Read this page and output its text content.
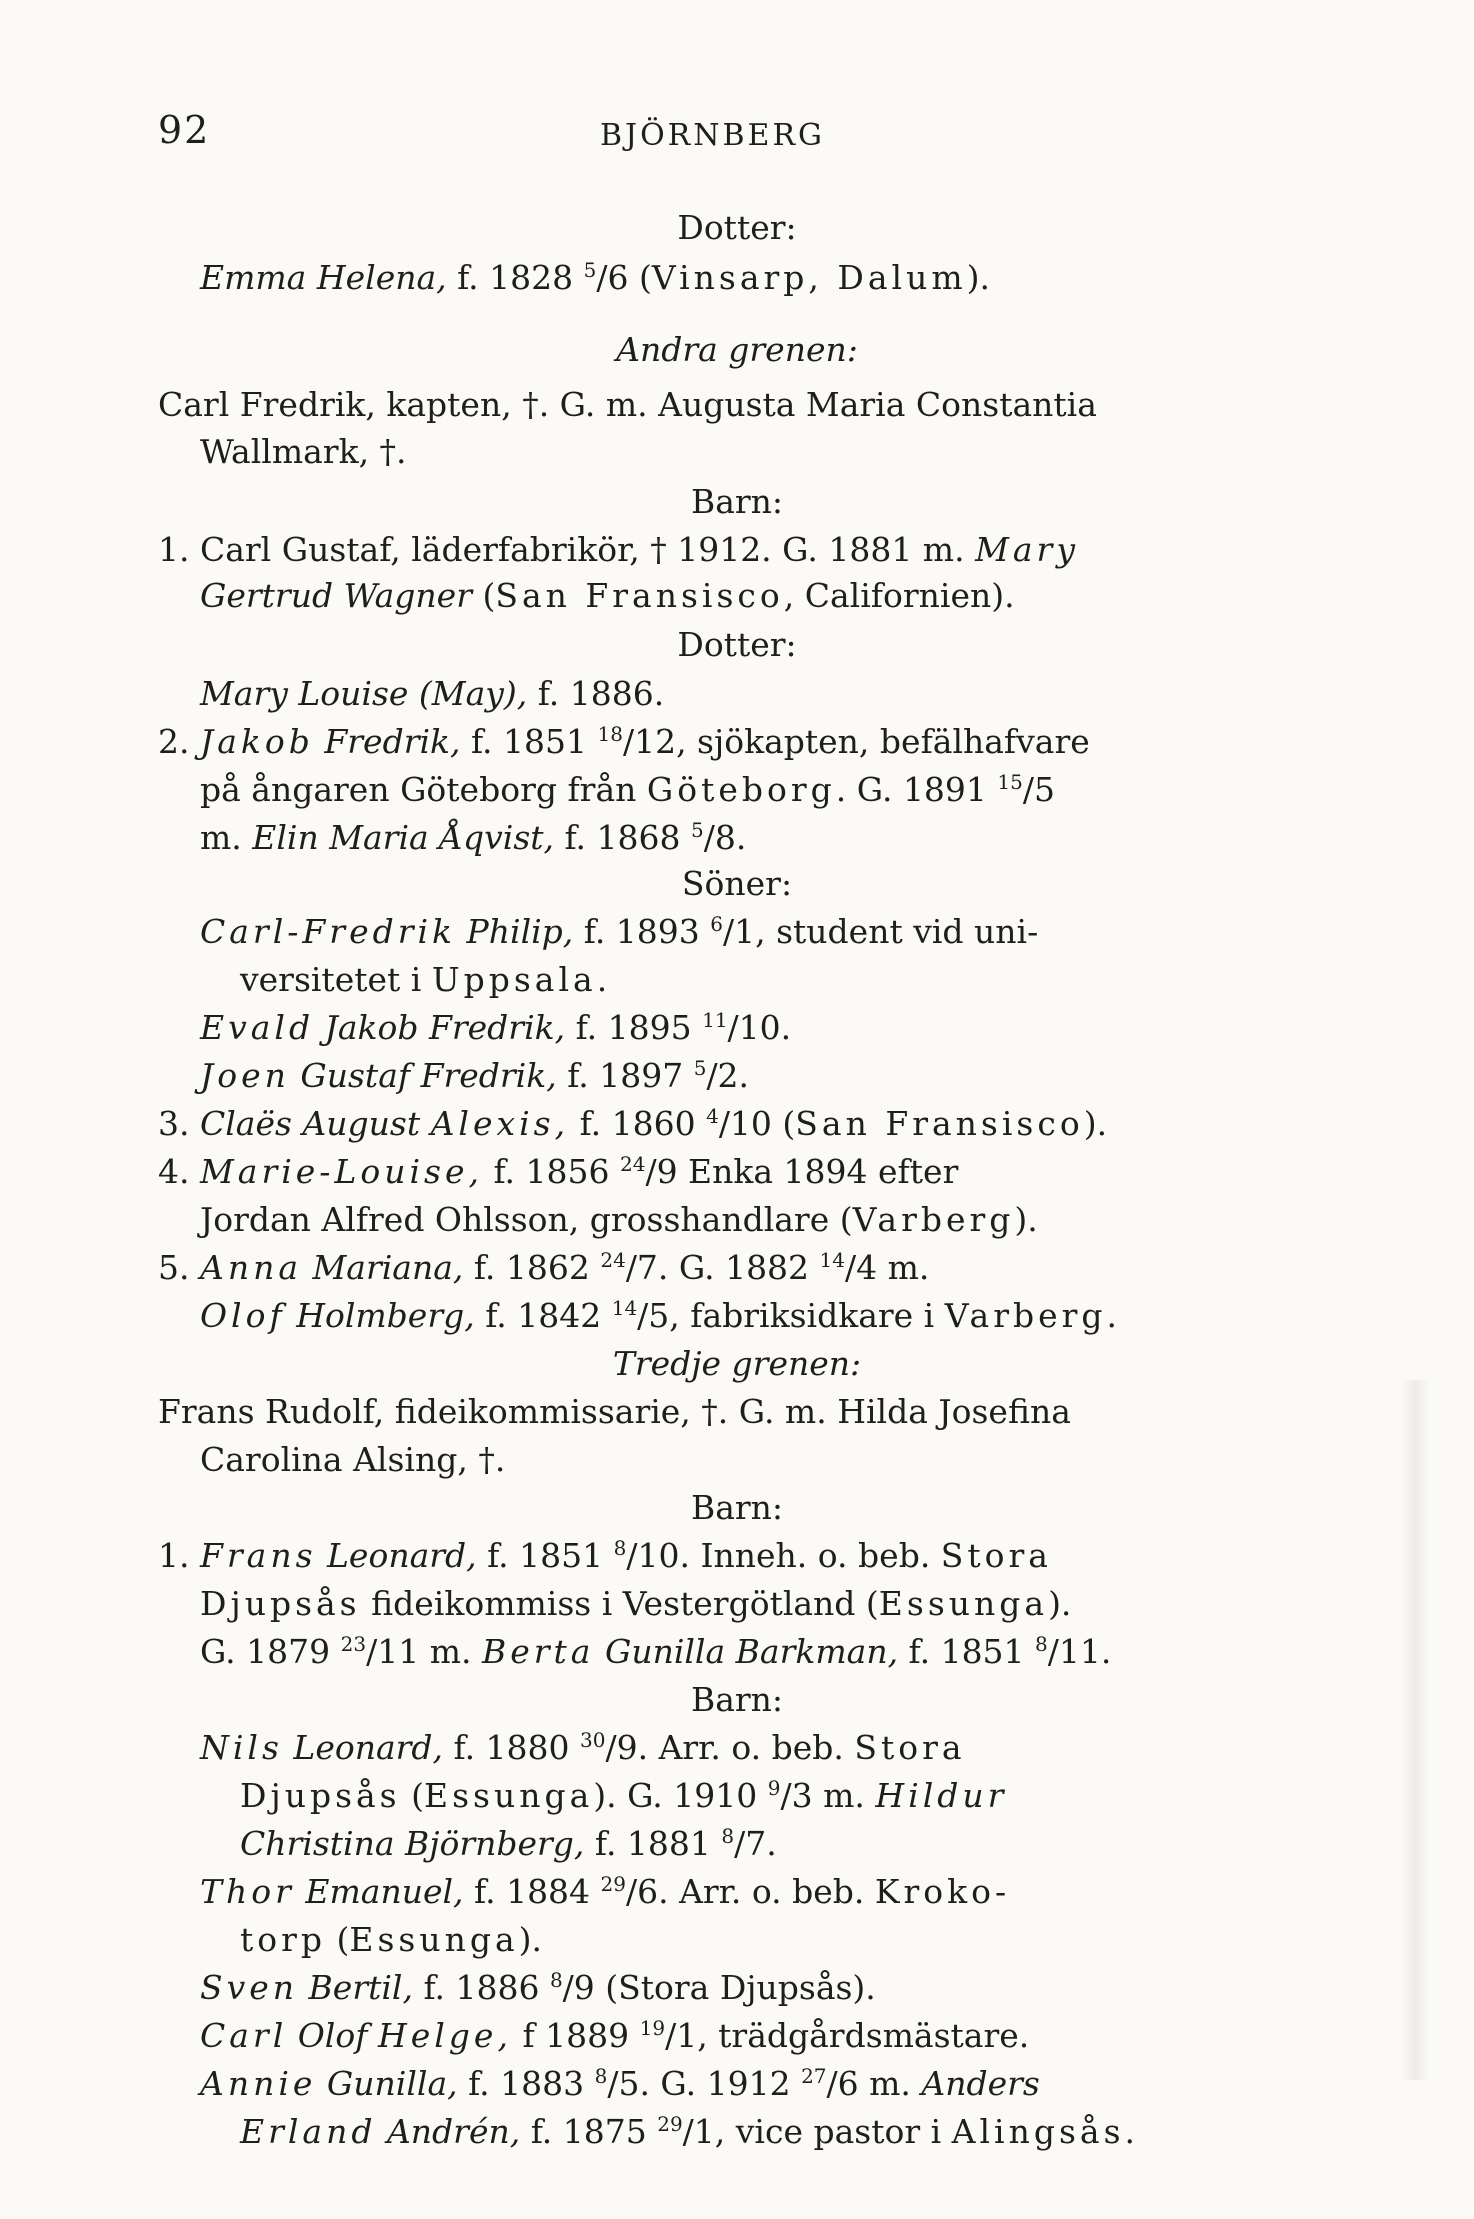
92	BJÖRNBERG
Dotter:
Emma Helena, f. 1828 $^5$/6 (Vinsarp, Dalum).
Andra grenen:
Carl Fredrik, kapten, †. G. m. Augusta Maria Constantia
Wallmark, †.
Barn:
1. Carl Gustaf, läderfabrikör, † 1912. G. 1881 m. Mary
Gertrud Wagner (San Fransisco, Californien).
Dotter:
Mary Louise (May), f. 1886.
2. Jakob Fredrik, f. 1851 $^{18}$/12, sjökapten, befälhafvare
på ångaren Göteborg från Göteborg. G. 1891 $^{15}$/5
m. Elin Maria Åqvist, f. 1868 $^5$/8.
Söner:
Carl-Fredrik Philip, f. 1893 $^6$/1, student vid uni-
versitetet i Uppsala.
Evald Jakob Fredrik, f. 1895 $^{11}$/10.
Joen Gustaf Fredrik, f. 1897 $^5$/2.
3. Claës August Alexis, f. 1860 $^4$/10 (San Fransisco).
4. Marie-Louise, f. 1856 $^{24}$/9 Enka 1894 efter
Jordan Alfred Ohlsson, grosshandlare (Varberg).
5. Anna Mariana, f. 1862 $^{24}$/7. G. 1882 $^{14}$/4 m.
Olof Holmberg, f. 1842 $^{14}$/5, fabriksidkare i Varberg.
Tredje grenen:
Frans Rudolf, fideikommissarie, †. G. m. Hilda Josefina
Carolina Alsing, †.
Barn:
1. Frans Leonard, f. 1851 $^8$/10. Inneh. o. beb. Stora
Djupsås fideikommiss i Vestergötland (Essunga).
G. 1879 $^{23}$/11 m. Berta Gunilla Barkman, f. 1851 $^8$/11.
Barn:
Nils Leonard, f. 1880 $^{30}$/9. Arr. o. beb. Stora
Djupsås (Essunga). G. 1910 $^9$/3 m. Hildur
Christina Björnberg, f. 1881 $^8$/7.
Thor Emanuel, f. 1884 $^{29}$/6. Arr. o. beb. Kroko-
torp (Essunga).
Sven Bertil, f. 1886 $^8$/9 (Stora Djupsås).
Carl Olof Helge, f 1889 $^{19}$/1, trädgårdsmästare.
Annie Gunilla, f. 1883 $^8$/5. G. 1912 $^{27}$/6 m. Anders
Erland Andrén, f. 1875 $^{29}$/1, vice pastor i Alingsås.
